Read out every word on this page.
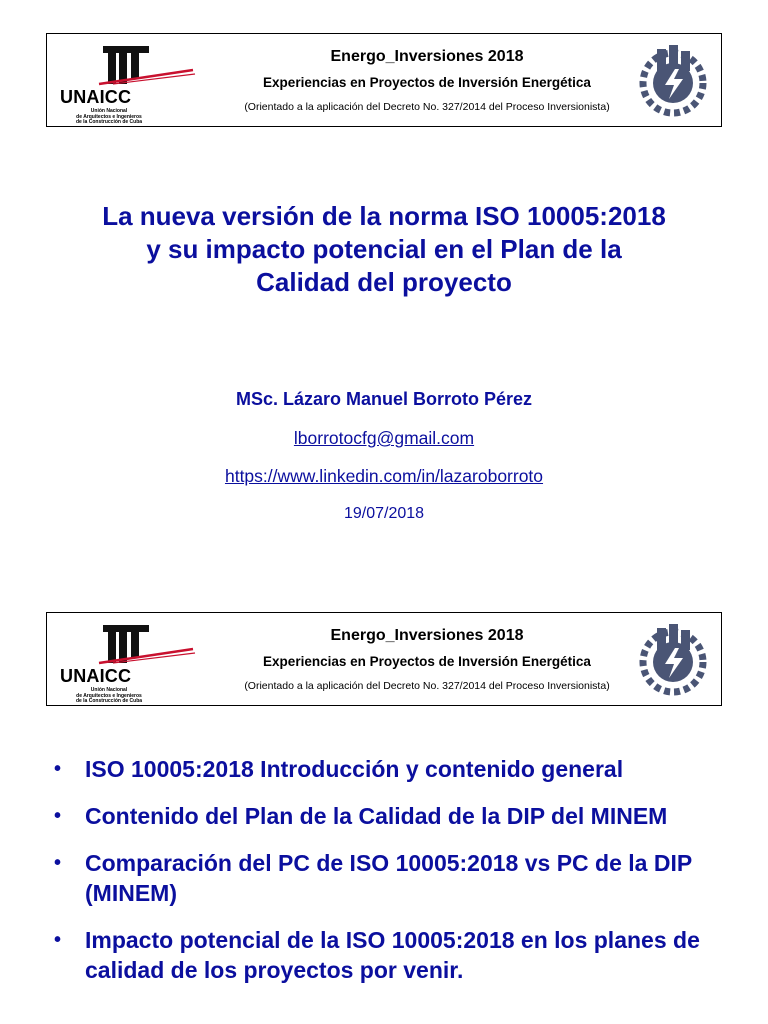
UNAICC
Unión Nacional
de Arquitectos e Ingenieros
de la Construcción de Cuba
Energo_Inversiones 2018
Experiencias en Proyectos de Inversión Energética
(Orientado a la aplicación del Decreto No. 327/2014 del Proceso Inversionista)
La nueva versión de la norma ISO 10005:2018
y su impacto potencial en el Plan de la
Calidad del proyecto
MSc. Lázaro Manuel Borroto Pérez
lborrotocfg@gmail.com
https://www.linkedin.com/in/lazaroborroto
19/07/2018
UNAICC
Unión Nacional
de Arquitectos e Ingenieros
de la Construcción de Cuba
Energo_Inversiones 2018
Experiencias en Proyectos de Inversión Energética
(Orientado a la aplicación del Decreto No. 327/2014 del Proceso Inversionista)
• ISO 10005:2018 Introducción y contenido general
• Contenido del Plan de la Calidad de la DIP del MINEM
• Comparación del PC de ISO 10005:2018 vs PC de la DIP (MINEM)
• Impacto potencial de la ISO 10005:2018 en los planes de calidad de los proyectos por venir.
